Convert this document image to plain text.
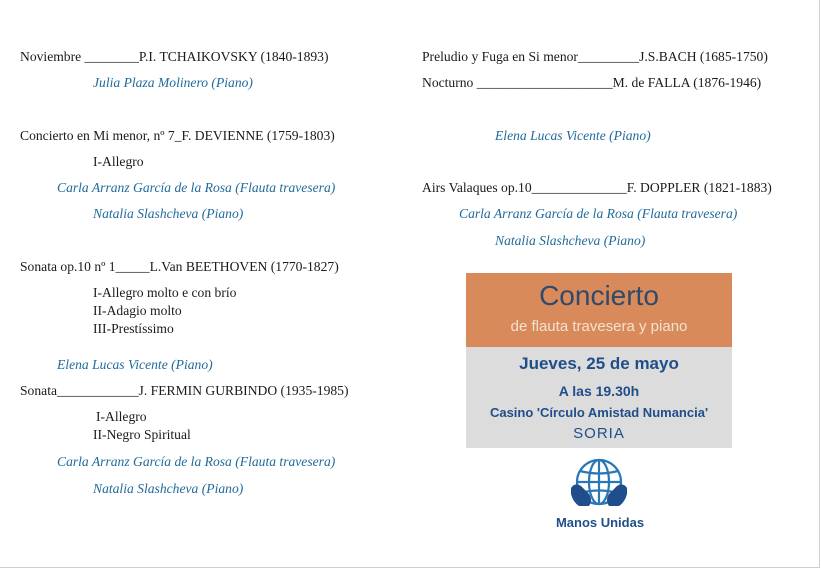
Noviembre ________P.I. TCHAIKOVSKY (1840-1893)
Julia Plaza Molinero (Piano)
Concierto en Mi menor, nº 7_F. DEVIENNE (1759-1803)
I-Allegro
Carla Arranz García de la Rosa (Flauta travesera)
Natalia Slashcheva (Piano)
Sonata op.10 nº 1_____L.Van BEETHOVEN (1770-1827)
I-Allegro molto e con brío
II-Adagio molto
III-Prestíssimo
Elena Lucas Vicente (Piano)
Sonata____________J. FERMIN GURBINDO (1935-1985)
I-Allegro
II-Negro Spiritual
Carla Arranz García de la Rosa (Flauta travesera)
Natalia Slashcheva (Piano)
Preludio y Fuga en Si menor_________J.S.BACH (1685-1750)
Nocturno ____________________M. de FALLA (1876-1946)
Elena Lucas Vicente (Piano)
Airs Valaques op.10______________F. DOPPLER (1821-1883)
Carla Arranz García de la Rosa (Flauta travesera)
Natalia Slashcheva (Piano)
Concierto
de flauta travesera y piano
Jueves, 25 de mayo
A las 19.30h
Casino 'Círculo Amistad Numancia'
SORIA
Manos Unidas
